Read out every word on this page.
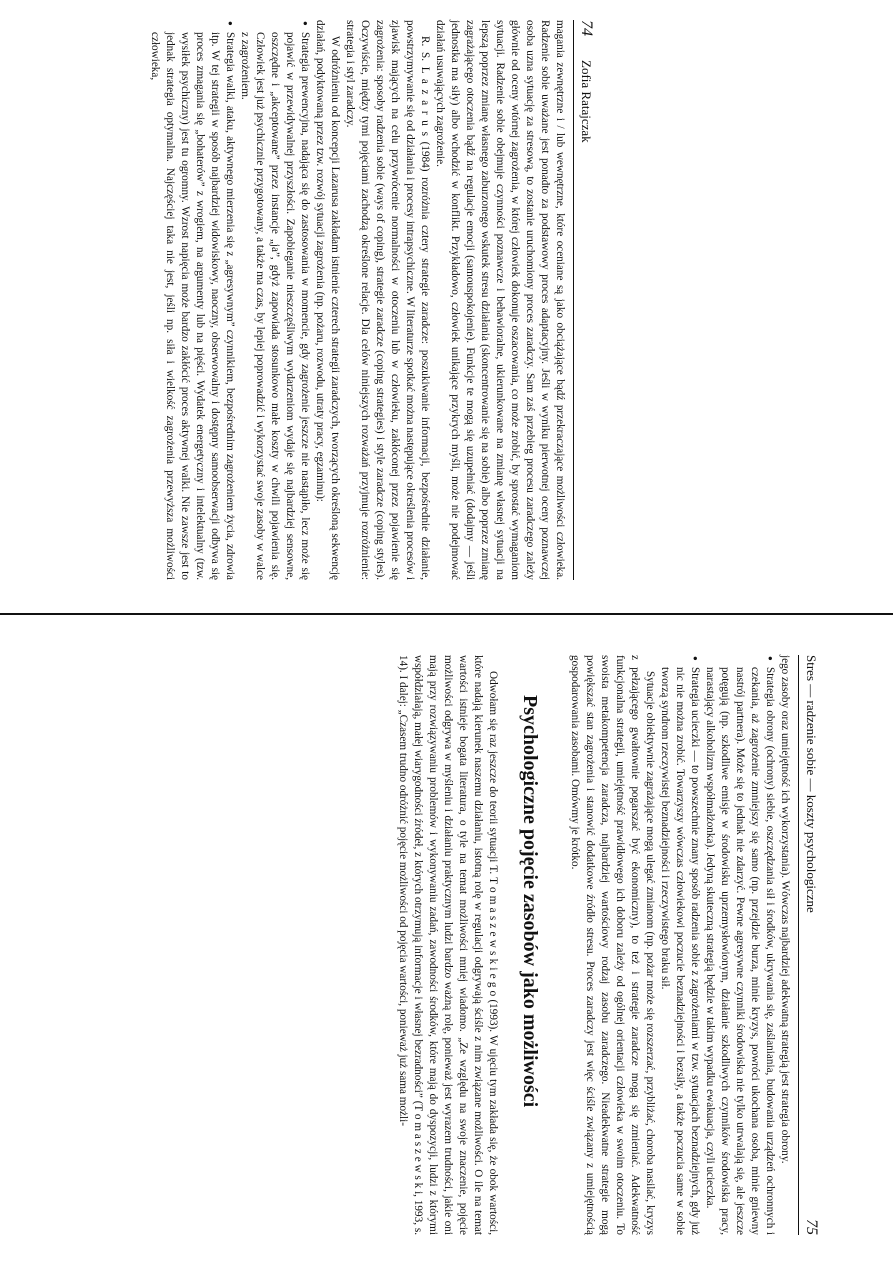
74
Zofia Ratajczak

magania zewnętrzne i / lub wewnętrzne, które oceniane są jako obciążające bądź przekraczające możliwości człowieka. Radzenie sobie uważane jest ponadto za podstawowy proces adaptacyjny. Jeśli w wyniku pierwotnej oceny poznawczej osoba uzna sytuację za stresową, to zostanie uruchomiony proces zaradczy. Sam zaś przebieg procesu zaradczego zależy głównie od oceny wtórnej zagrożenia, w której człowiek dokonuje oszacowania, co może zrobić, by sprostać wymaganiom sytuacji. Radzenie sobie obejmuje czynności poznawcze i behawioralne, ukierunkowane na zmianę własnej sytuacji na lepszą poprzez zmianę własnego zaburzonego wskutek stresu działania (skoncentrowanie się na sobie) albo poprzez zmianę zagrażającego otoczenia bądź na regulacje emocji (samouspokojenie). Funkcje te mogą się uzupełniać (dodajmy — jeśli jednostka ma siły) albo wchodzić w konflikt. Przykładowo, człowiek unikające przykrych myśli, może nie podejmować działań usuwających zagrożenie.

R. S. L a z a r u s (1984) rozróżnia cztery strategie zaradcze: poszukiwanie informacji, bezpośrednie działanie, powstrzymywanie się od działania i procesy intrapsychiczne. W literaturze spotkać można następujące określenia procesów i zjawisk mających na celu przywrócenie normalności w otoczeniu lub w człowieku, zakłóconej przez pojawienie się zagrożenia: sposoby radzenia sobie (ways of coping), strategie zaradcze (coping strategies) i style zaradcze (coping styles). Oczywiście, między tymi pojęciami zachodzą określone relacje. Dla celów niniejszych rozważań przyjmuje rozróżnienie: strategia i styl zaradczy.

W odróżnieniu od koncepcji Lazarusa zakładam istnienie czterech strategii zaradczych, tworzących określoną sekwencję działań, podyktowaną przez tzw. rozwój sytuacji zagrożenia (np. pożaru, rozwodu, utraty pracy, egzaminu):

● Strategia prewencyjna, nadająca się do zastosowania w momencie, gdy zagrożenie jeszcze nie nastąpiło, lecz może się pojawić w przewidywalnej przyszłości. Zapobieganie nieszczęśliwym wydarzeniom wydaje się najbardziej sensowne, oszczędne i „akceptowane” przez instancje „ja”, gdyż zapowiada stosunkowo małe koszty w chwili pojawienia się. Człowiek jest już psychicznie przygotowany, a także ma czas, by lepiej poprowadzić i wykorzystać swoje zasoby w walce z zagrożeniem.
● Strategia walki, ataku, aktywnego mierzenia się z „agresywnym” czynnikiem, bezpośrednim zagrożeniem życia, zdrowia itp. W tej strategii w sposób najbardziej widowiskowy, naoczny, obserwowalny i dostępny samoobserwacji odbywa się proces zmagania się „bohaterów” z wrogiem, na argumenty lub na pięści. Wydatek energetyczny i intelektualny (tzw. wysiłek psychiczny) jest tu ogromny. Wzrost napięcia może bardzo zakłócić proces aktywnej walki. Nie zawsze jest to jednak strategia optymalna. Najczęściej taka nie jest, jeśli np. siła i wielkość zagrożenia przewyższa możliwości człowieka,
Stres — radzenie sobie — koszty psychologiczne
75

jego zasoby oraz umiejętność ich wykorzystania). Wówczas najbardziej adekwatną strategią jest strategia obrony.

● Strategia obrony (ochrony) siebie, oszczędzania sił i środków, ukrywania się, zaślaniania, budowania urządzeń ochronnych i czekania, aż zagrożenie zmniejszy się samo (np. przejdzie burza, minie kryzys, powróci ukochana osoba, minie gniewny nastrój partnera). Może się to jednak nie zdarzyć. Pewne agresywne czynniki środowiska nie tylko utrwalają się, ale jeszcze potęgują (np. szkodliwe emisje w środowisku uprzemysłowionym, działanie szkodliwych czynników środowiska pracy, narastający alkoholizm współmałżonka). Jedyną skuteczną strategią będzie w takim wypadku ewakuacja, czyli ucieczka.
● Strategia ucieczki — to powszechnie znany sposób radzenia sobie z zagrożeniami w tzw. sytuacjach beznadziejnych, gdy już nic nie można zrobić. Towarzyszy wówczas człowiekowi poczucie beznadziejności i bezsiły, a także poczucia same w sobie tworzą syndrom rzeczywistej beznadziejności i rzeczywistego braku sił.

Sytuacje obiektywnie zagrażające mogą ulegać zmianom (np. pożar może się rozszerzać, przybliżać, choroba nasilać, kryzys z pełzającego gwałtownie pogarszać być ekonomiczny), to też i strategie zaradcze mogą się zmieniać. Adekwatność funkcjonalna strategii, umiejętność prawidłowego ich doboru zależy od ogólnej orientacji człowieka w swoim otoczeniu. To swoista metakompetencja zaradcza, najbardziej wartościowy rodzaj zasobu zaradczego. Nieadekwatne strategie mogą powiększać stan zagrożenia i stanowić dodatkowe źródło stresu. Proces zaradczy jest więc ściśle związany z umiejętnością gospodarowania zasobami. Omówmy je krótko.

Psychologiczne pojęcie zasobów jako możliwości

Odwołam się raz jeszcze do teorii sytuacji T. T o m a s z e w s k i e g o (1993). W ujęciu tym zakłada się, że obok wartości, które nadają kierunek naszemu działaniu, istotną rolę w regulacji odgrywają ściśle z nim związane możliwości. O ile na temat wartości istnieje bogata literatura, o tyle na temat możliwości mniej wiadomo. „Ze względu na swoje znaczenie, pojęcie możliwości odgrywa w myśleniu i działaniu praktycznym ludzi bardzo ważną rolę, ponieważ jest wyrazem trudności, jakie oni mają przy rozwiązywaniu problemów i wykonywaniu zadań, zawodności środków, które mają do dyspozycji, ludzi z którymi współdziałają, małej wiarygodności źródeł, z których otrzymują informacje i własnej bezradności” (T o m a s z e w s k i, 1993, s. 14). I dalej: „Czasem trudno odróżnić pojęcie możliwości od pojęcia wartości, ponieważ już sama możli-
